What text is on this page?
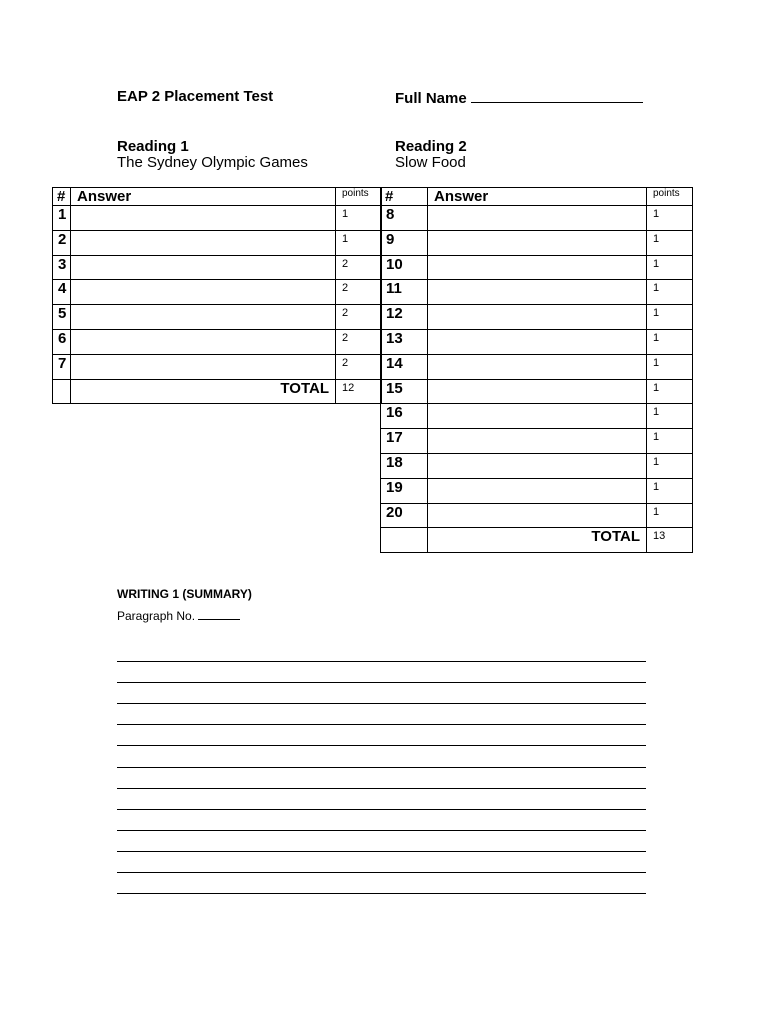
EAP 2 Placement Test	Full Name
Reading 1
The Sydney Olympic Games
Reading 2
Slow Food
#	Answer	points
1		1
2		1
3		2
4		2
5		2
6		2
7		2
	TOTAL	12
#	Answer	points
8		1
9		1
10		1
11		1
12		1
13		1
14		1
15		1
16		1
17		1
18		1
19		1
20		1
	TOTAL	13
WRITING 1 (SUMMARY)
Paragraph No.
